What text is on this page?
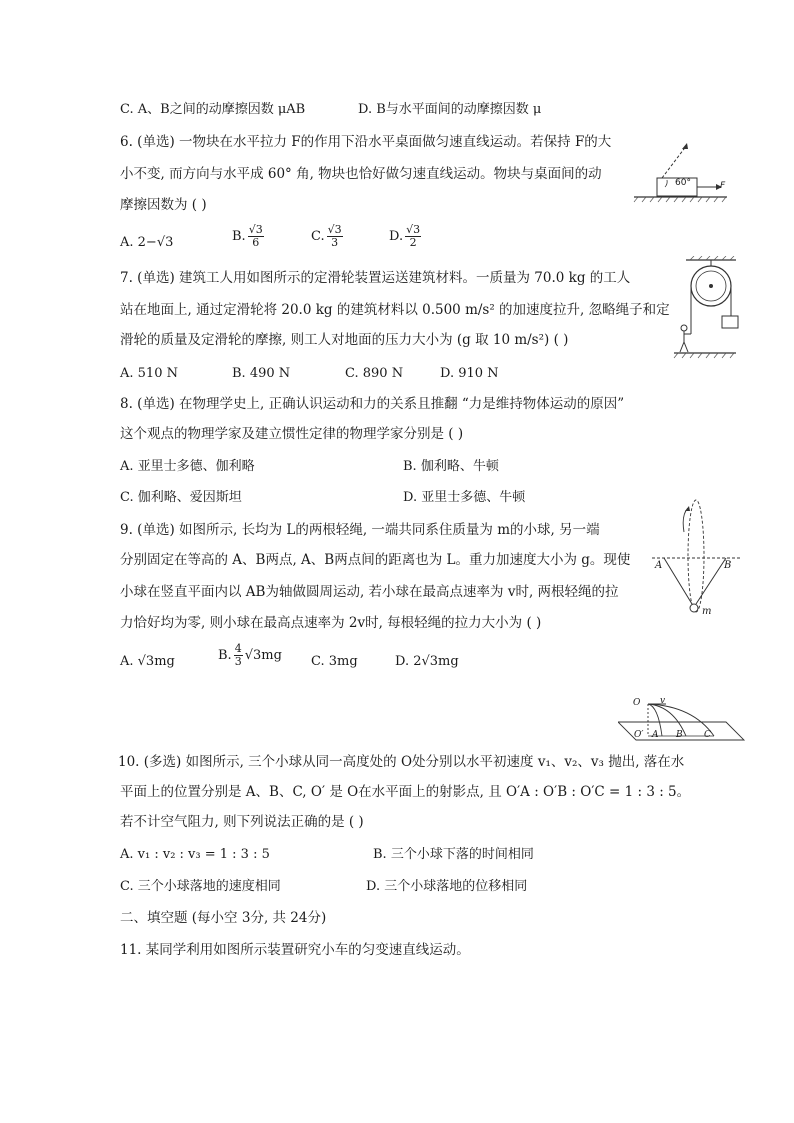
C. A、B之间的动摩擦因数 μAB	D. B与水平面间的动摩擦因数 μ
6. (单选) 一物块在水平拉力 F的作用下沿水平桌面做匀速直线运动。若保持 F的大
小不变, 而方向与水平成 60° 角, 物块也恰好做匀速直线运动。物块与桌面间的动
摩擦因数为 ( )
A. 2−√3	B. $\frac{√3}{6}$	C. $\frac{√3}{3}$	D. $\frac{√3}{2}$
60°	F
7. (单选) 建筑工人用如图所示的定滑轮装置运送建筑材料。一质量为 70.0 kg 的工人
站在地面上, 通过定滑轮将 20.0 kg 的建筑材料以 0.500 m/s² 的加速度拉升, 忽略绳子和定
滑轮的质量及定滑轮的摩擦, 则工人对地面的压力大小为 (g 取 10 m/s²) ( )
A. 510 N	B. 490 N	C. 890 N	D. 910 N
8. (单选) 在物理学史上, 正确认识运动和力的关系且推翻 “力是维持物体运动的原因”
这个观点的物理学家及建立惯性定律的物理学家分别是 ( )
A. 亚里士多德、伽利略	B. 伽利略、牛顿
C. 伽利略、爱因斯坦	D. 亚里士多德、牛顿
9. (单选) 如图所示, 长均为 L的两根轻绳, 一端共同系住质量为 m的小球, 另一端
分别固定在等高的 A、B两点, A、B两点间的距离也为 L。重力加速度大小为 g。现使
小球在竖直平面内以 AB为轴做圆周运动, 若小球在最高点速率为 v时, 两根轻绳的拉
力恰好均为零, 则小球在最高点速率为 2v时, 每根轻绳的拉力大小为 ( )
A. √3mg	B. $\frac{4}{3} √3mg$ C. 3mg	D. 2√3mg
A	B
m
O v
O′ A B C
10. (多选) 如图所示, 三个小球从同一高度处的 O处分别以水平初速度 v₁、v₂、v₃ 抛出, 落在水
平面上的位置分别是 A、B、C, O′ 是 O在水平面上的射影点, 且 O′A : O′B : O′C = 1 : 3 : 5。
若不计空气阻力, 则下列说法正确的是 ( )
A. v₁ : v₂ : v₃ = 1 : 3 : 5	B. 三个小球下落的时间相同
C. 三个小球落地的速度相同	D. 三个小球落地的位移相同
二、填空题 (每小空 3分, 共 24分)
11. 某同学利用如图所示装置研究小车的匀变速直线运动。
